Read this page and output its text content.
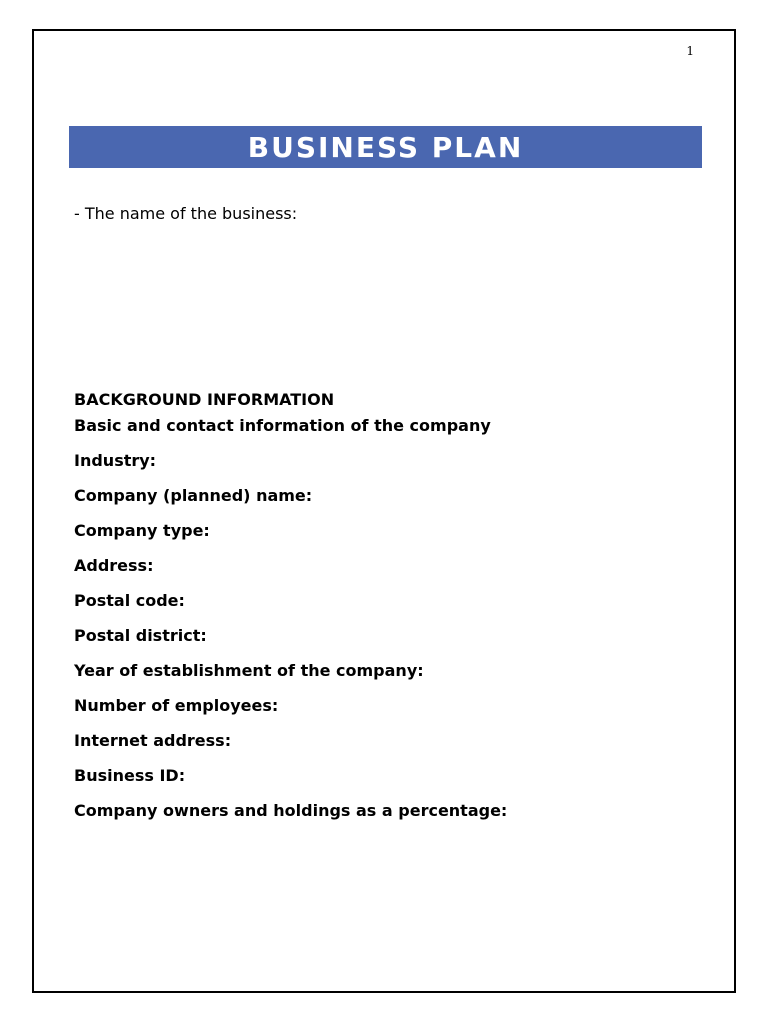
1
BUSINESS PLAN
- The name of the business:
BACKGROUND INFORMATION
Basic and contact information of the company
Industry:
Company (planned) name:
Company type:
Address:
Postal code:
Postal district:
Year of establishment of the company:
Number of employees:
Internet address:
Business ID:
Company owners and holdings as a percentage:
